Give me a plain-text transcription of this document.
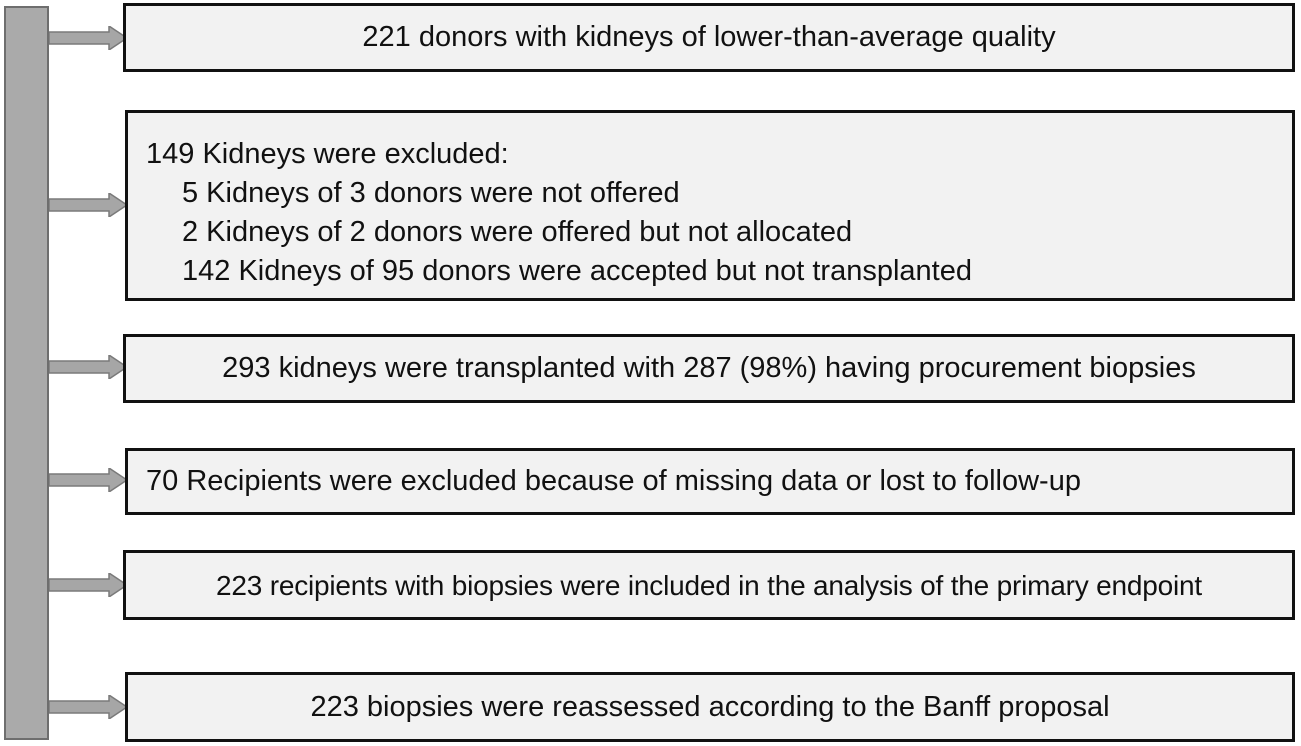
221 donors with kidneys of lower-than-average quality
149 Kidneys were excluded:
5 Kidneys of 3 donors were not offered
2 Kidneys of 2 donors were offered but not allocated
142 Kidneys of 95 donors were accepted but not transplanted
293 kidneys were transplanted with 287 (98%) having procurement biopsies
70 Recipients were excluded because of missing data or lost to follow-up
223 recipients with biopsies were included in the analysis of the primary endpoint
223 biopsies were reassessed according to the Banff proposal
